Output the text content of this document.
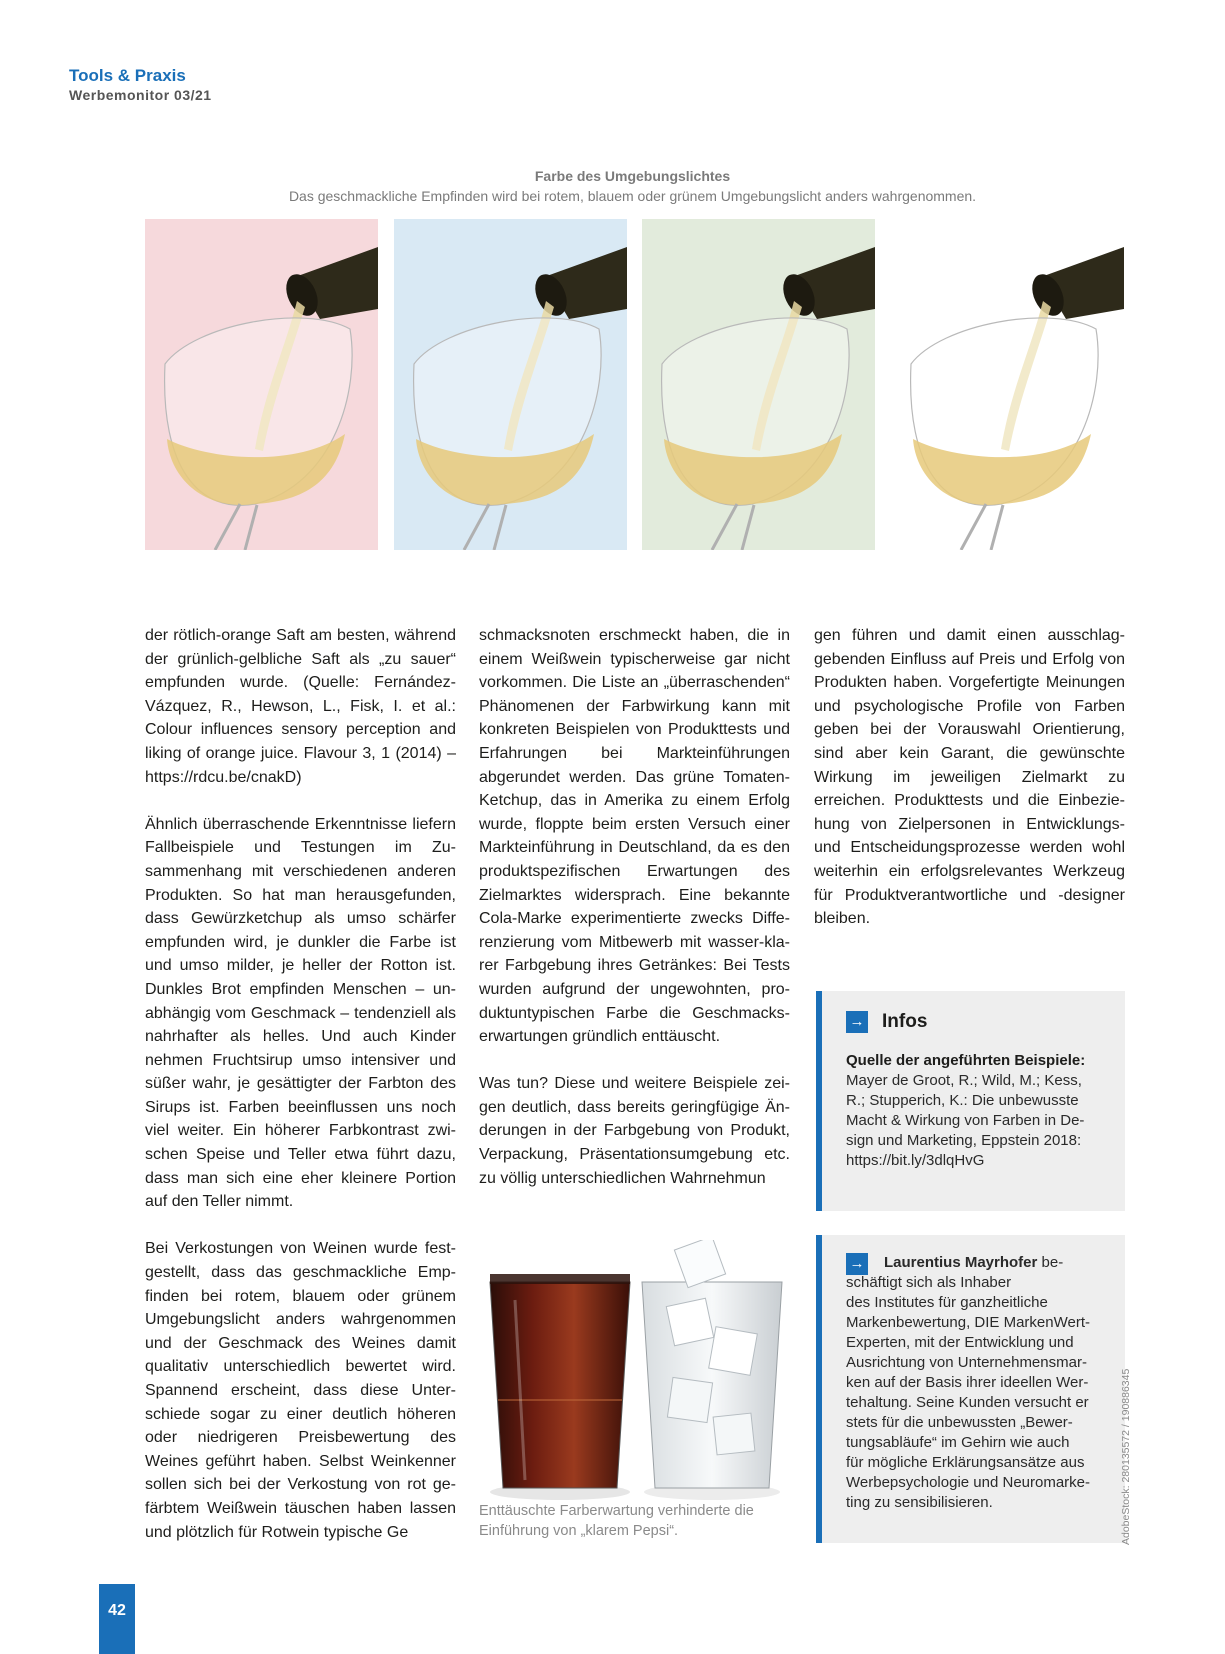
Tools & Praxis
Werbemonitor 03/21
Farbe des Umgebungslichtes
Das geschmackliche Empfinden wird bei rotem, blauem oder grünem Umgebungslicht anders wahrgenommen.

der rötlich-orange Saft am besten, während der grünlich-gelbliche Saft als „zu sauer“ empfunden wurde. (Quelle: Fernández-Vázquez, R., Hewson, L., Fisk, I. et al.: Colour influences sensory perception and liking of orange juice. Flavour 3, 1 (2014) – https://rdcu.be/cnakD)

Ähnlich überraschende Erkenntnisse liefern Fallbeispiele und Testungen im Zusammenhang mit verschiedenen anderen Produkten. So hat man herausgefunden, dass Gewürzketchup als umso schärfer empfunden wird, je dunkler die Farbe ist und umso milder, je heller der Rotton ist. Dunkles Brot empfinden Menschen – unabhängig vom Geschmack – tendenziell als nahrhafter als helles. Und auch Kinder nehmen Fruchtsirup umso intensiver und süßer wahr, je gesättigter der Farbton des Sirups ist. Farben beeinflussen uns noch viel weiter. Ein höherer Farbkontrast zwischen Speise und Teller etwa führt dazu, dass man sich eine eher kleinere Portion auf den Teller nimmt.

Bei Verkostungen von Weinen wurde festgestellt, dass das geschmackliche Empfinden bei rotem, blauem oder grünem Umgebungslicht anders wahrgenommen und der Geschmack des Weines damit qualitativ unterschiedlich bewertet wird. Spannend erscheint, dass diese Unterschiede sogar zu einer deutlich höheren oder niedrigeren Preisbewertung des Weines geführt haben. Selbst Weinkenner sollen sich bei der Verkostung von rot gefärbtem Weißwein täuschen haben lassen und plötzlich für Rotwein typische Ge

schmacksnoten erschmeckt haben, die in einem Weißwein typischerweise gar nicht vorkommen. Die Liste an „überraschenden“ Phänomenen der Farbwirkung kann mit konkreten Beispielen von Produkttests und Erfahrungen bei Markteinführungen abgerundet werden. Das grüne Tomaten-Ketchup, das in Amerika zu einem Erfolg wurde, floppte beim ersten Versuch einer Markteinführung in Deutschland, da es den produktspezifischen Erwartungen des Zielmarktes widersprach. Eine bekannte Cola-Marke experimentierte zwecks Differenzierung vom Mitbewerb mit wasser-klarer Farbgebung ihres Getränkes: Bei Tests wurden aufgrund der ungewohnten, produktuntypischen Farbe die Geschmackserwartungen gründlich enttäuscht.

Was tun? Diese und weitere Beispiele zeigen deutlich, dass bereits geringfügige Änderungen in der Farbgebung von Produkt, Verpackung, Präsentationsumgebung etc. zu völlig unterschiedlichen Wahrnehmun

gen führen und damit einen ausschlaggebenden Einfluss auf Preis und Erfolg von Produkten haben. Vorgefertigte Meinungen und psychologische Profile von Farben geben bei der Vorauswahl Orientierung, sind aber kein Garant, die gewünschte Wirkung im jeweiligen Zielmarkt zu erreichen. Produkttests und die Einbeziehung von Zielpersonen in Entwicklungs- und Entscheidungsprozesse werden wohl weiterhin ein erfolgsrelevantes Werkzeug für Produktverantwortliche und -designer bleiben.

→ Infos
Quelle der angeführten Beispiele:
Mayer de Groot, R.; Wild, M.; Kess,
R.; Stupperich, K.: Die unbewusste
Macht & Wirkung von Farben in De-
sign und Marketing, Eppstein 2018:
https://bit.ly/3dlqHvG
→	Laurentius Mayrhofer be-
schäftigt sich als Inhaber
des Institutes für ganzheitliche
Markenbewertung, DIE MarkenWert-
Experten, mit der Entwicklung und
Ausrichtung von Unternehmensmar-
ken auf der Basis ihrer ideellen Wer-
tehaltung. Seine Kunden versucht er
stets für die unbewussten „Bewer-
tungsabläufe“ im Gehirn wie auch
für mögliche Erklärungsansätze aus
Werbepsychologie und Neuromarke-
ting zu sensibilisieren.
Enttäuschte Farberwartung verhinderte die
Einführung von „klarem Pepsi“.	AdobeStock: 280135572 / 190886345
42
